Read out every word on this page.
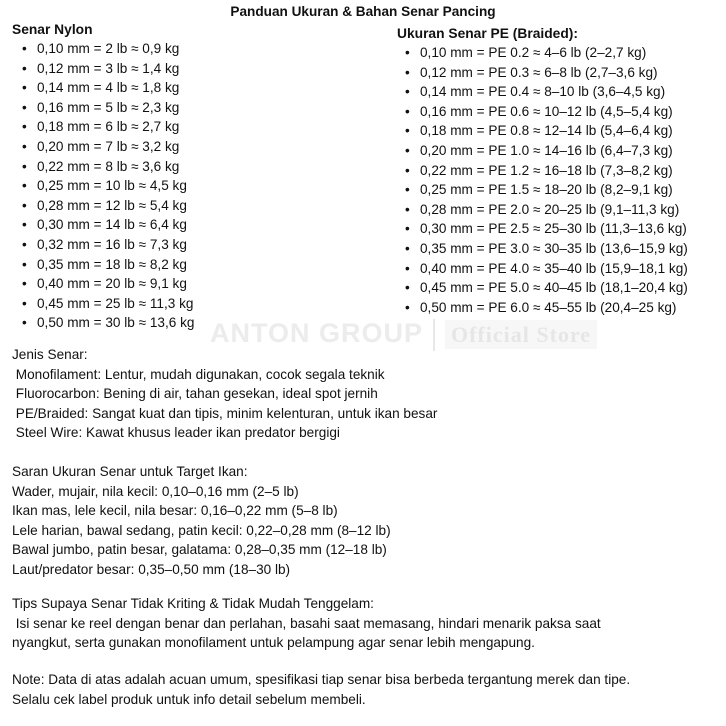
Panduan Ukuran & Bahan Senar Pancing
Senar Nylon
• 0,10 mm = 2 lb ≈ 0,9 kg
• 0,12 mm = 3 lb ≈ 1,4 kg
• 0,14 mm = 4 lb ≈ 1,8 kg
• 0,16 mm = 5 lb ≈ 2,3 kg
• 0,18 mm = 6 lb ≈ 2,7 kg
• 0,20 mm = 7 lb ≈ 3,2 kg
• 0,22 mm = 8 lb ≈ 3,6 kg
• 0,25 mm = 10 lb ≈ 4,5 kg
• 0,28 mm = 12 lb ≈ 5,4 kg
• 0,30 mm = 14 lb ≈ 6,4 kg
• 0,32 mm = 16 lb ≈ 7,3 kg
• 0,35 mm = 18 lb ≈ 8,2 kg
• 0,40 mm = 20 lb ≈ 9,1 kg
• 0,45 mm = 25 lb ≈ 11,3 kg
• 0,50 mm = 30 lb ≈ 13,6 kg
Ukuran Senar PE (Braided):
• 0,10 mm = PE 0.2 ≈ 4–6 lb (2–2,7 kg)
• 0,12 mm = PE 0.3 ≈ 6–8 lb (2,7–3,6 kg)
• 0,14 mm = PE 0.4 ≈ 8–10 lb (3,6–4,5 kg)
• 0,16 mm = PE 0.6 ≈ 10–12 lb (4,5–5,4 kg)
• 0,18 mm = PE 0.8 ≈ 12–14 lb (5,4–6,4 kg)
• 0,20 mm = PE 1.0 ≈ 14–16 lb (6,4–7,3 kg)
• 0,22 mm = PE 1.2 ≈ 16–18 lb (7,3–8,2 kg)
• 0,25 mm = PE 1.5 ≈ 18–20 lb (8,2–9,1 kg)
• 0,28 mm = PE 2.0 ≈ 20–25 lb (9,1–11,3 kg)
• 0,30 mm = PE 2.5 ≈ 25–30 lb (11,3–13,6 kg)
• 0,35 mm = PE 3.0 ≈ 30–35 lb (13,6–15,9 kg)
• 0,40 mm = PE 4.0 ≈ 35–40 lb (15,9–18,1 kg)
• 0,45 mm = PE 5.0 ≈ 40–45 lb (18,1–20,4 kg)
• 0,50 mm = PE 6.0 ≈ 45–55 lb (20,4–25 kg)
ANTON GROUP Official Store
Jenis Senar:
Monofilament: Lentur, mudah digunakan, cocok segala teknik
Fluorocarbon: Bening di air, tahan gesekan, ideal spot jernih
PE/Braided: Sangat kuat dan tipis, minim kelenturan, untuk ikan besar
Steel Wire: Kawat khusus leader ikan predator bergigi
Saran Ukuran Senar untuk Target Ikan:
Wader, mujair, nila kecil: 0,10–0,16 mm (2–5 lb)
Ikan mas, lele kecil, nila besar: 0,16–0,22 mm (5–8 lb)
Lele harian, bawal sedang, patin kecil: 0,22–0,28 mm (8–12 lb)
Bawal jumbo, patin besar, galatama: 0,28–0,35 mm (12–18 lb)
Laut/predator besar: 0,35–0,50 mm (18–30 lb)
Tips Supaya Senar Tidak Kriting & Tidak Mudah Tenggelam:
Isi senar ke reel dengan benar dan perlahan, basahi saat memasang, hindari menarik paksa saat
nyangkut, serta gunakan monofilament untuk pelampung agar senar lebih mengapung.
Note: Data di atas adalah acuan umum, spesifikasi tiap senar bisa berbeda tergantung merek dan tipe.
Selalu cek label produk untuk info detail sebelum membeli.
